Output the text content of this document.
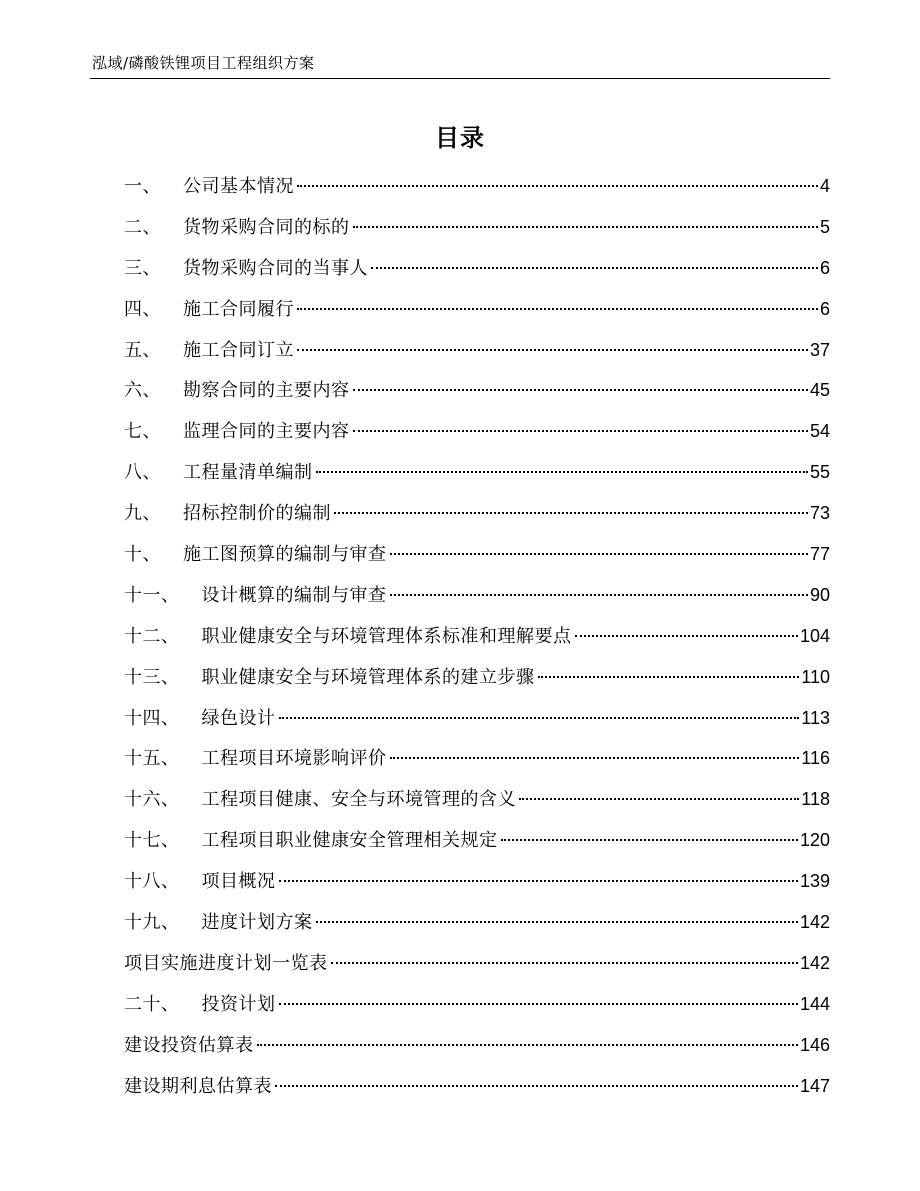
泓域/磷酸铁锂项目工程组织方案
目录
一、 公司基本情况	4
二、 货物采购合同的标的	5
三、 货物采购合同的当事人	6
四、 施工合同履行	6
五、 施工合同订立	37
六、 勘察合同的主要内容	45
七、 监理合同的主要内容	54
八、 工程量清单编制	55
九、 招标控制价的编制	73
十、 施工图预算的编制与审查	77
十一、 设计概算的编制与审查	90
十二、 职业健康安全与环境管理体系标准和理解要点	104
十三、 职业健康安全与环境管理体系的建立步骤	110
十四、 绿色设计	113
十五、 工程项目环境影响评价	116
十六、 工程项目健康、安全与环境管理的含义	118
十七、 工程项目职业健康安全管理相关规定	120
十八、 项目概况	139
十九、 进度计划方案	142
项目实施进度计划一览表	142
二十、 投资计划	144
建设投资估算表	146
建设期利息估算表	147
